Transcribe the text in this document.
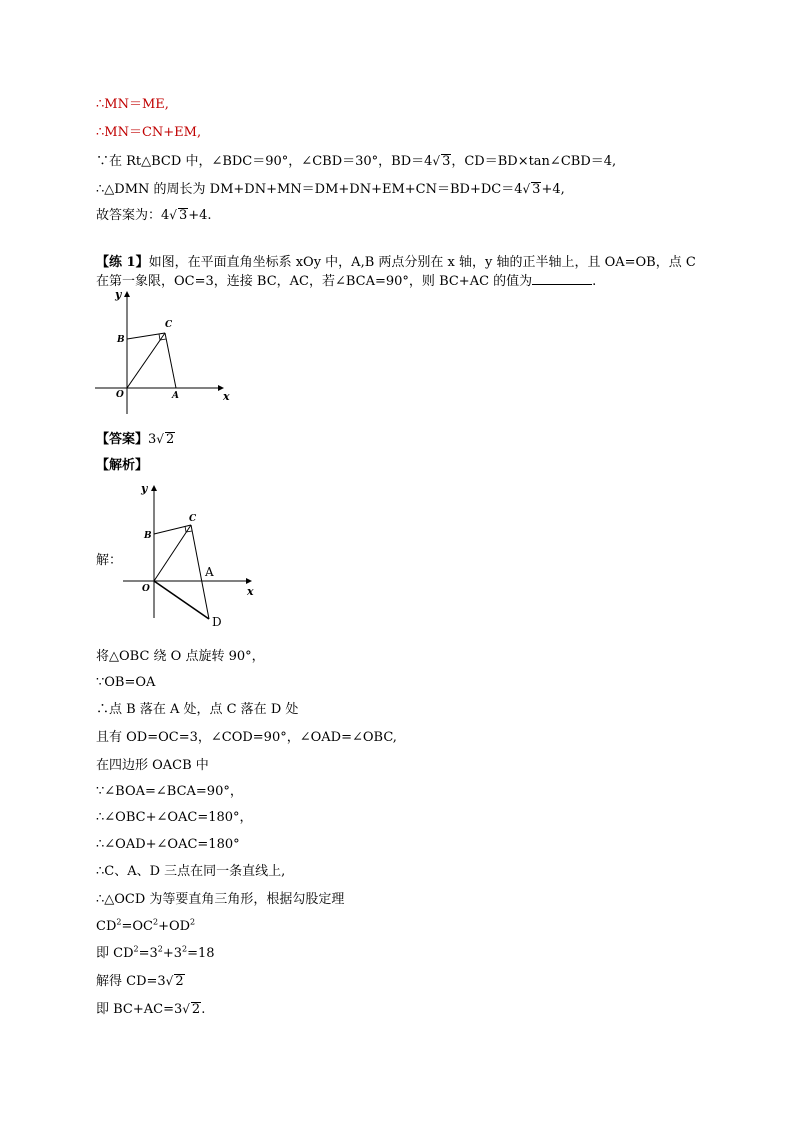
∴MN＝ME,
∴MN＝CN+EM,
∵在 Rt△BCD 中，∠BDC＝90°，∠CBD＝30°，BD＝4√ 3，CD＝BD×tan∠CBD＝4,
∴△DMN 的周长为 DM+DN+MN＝DM+DN+EM+CN＝BD+DC＝4√ 3+4,
故答案为：4√ 3+4.
【练 1】如图，在平面直角坐标系 xOy 中，A,B 两点分别在 x 轴，y 轴的正半轴上，且 OA=OB，点 C
在第一象限，OC=3，连接 BC，AC，若∠BCA=90°，则 BC+AC 的值为	.
y
x
B
C
O	A
【答案】3√ 2
【解析】
解：
y
x
B
C
O
A
D
将△OBC 绕 O 点旋转 90°，
∵OB=OA
∴点 B 落在 A 处，点 C 落在 D 处
且有 OD=OC=3，∠COD=90°，∠OAD=∠OBC,
在四边形 OACB 中
∵∠BOA=∠BCA=90°，
∴∠OBC+∠OAC=180°，
∴∠OAD+∠OAC=180°
∴C、A、D 三点在同一条直线上,
∴△OCD 为等要直角三角形，根据勾股定理
$CD^2=OC^2+OD^2$
即 $CD^2=3^2+3^2=18$
解得 CD=3√ 2
即 BC+AC=3√ 2.
